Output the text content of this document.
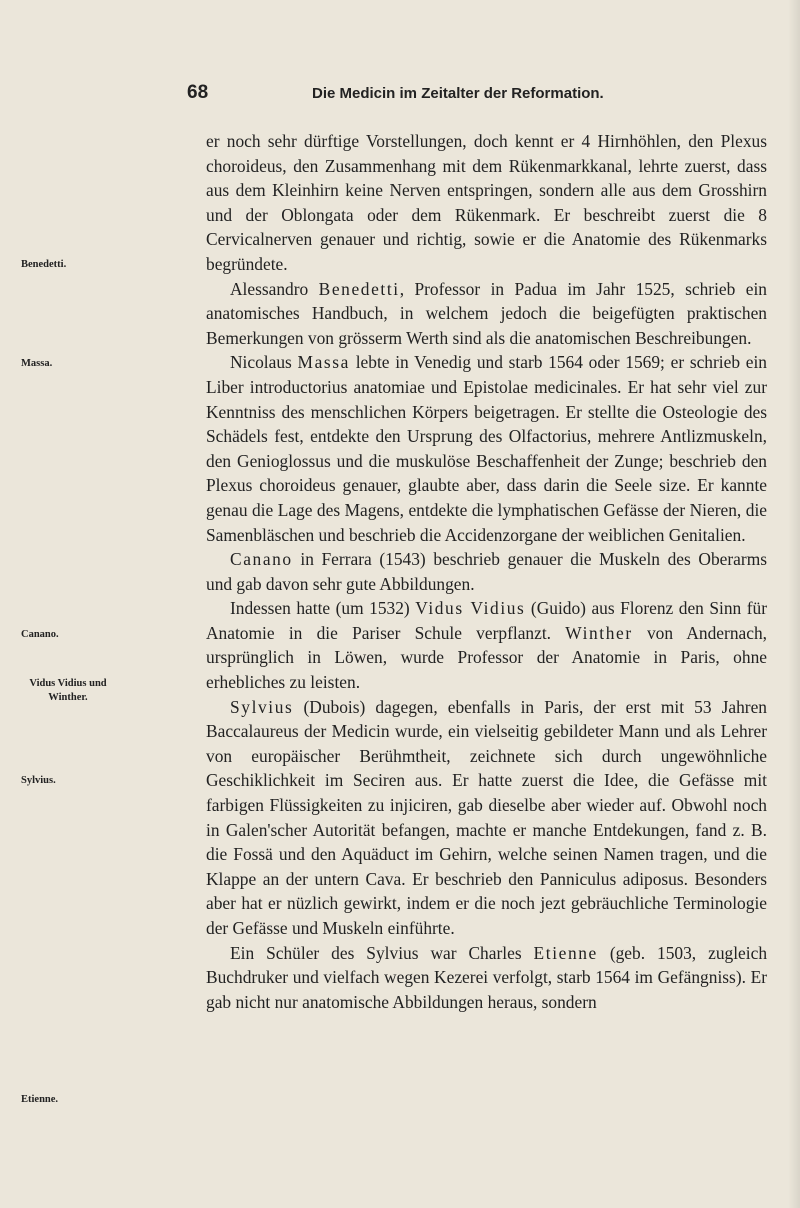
68	Die Medicin im Zeitalter der Reformation.
Benedetti.
Massa.
Canano.
Vidus Vidius und Winther.
Sylvius.
Etienne.

er noch sehr dürftige Vorstellungen, doch kennt er 4 Hirnhöhlen, den Plexus choroideus, den Zusammenhang mit dem Rükenmarkkanal, lehrte zuerst, dass aus dem Kleinhirn keine Nerven entspringen, sondern alle aus dem Grosshirn und der Oblongata oder dem Rükenmark. Er beschreibt zuerst die 8 Cervicalnerven genauer und richtig, sowie er die Anatomie des Rükenmarks begründete.

Alessandro Benedetti, Professor in Padua im Jahr 1525, schrieb ein anatomisches Handbuch, in welchem jedoch die beigefügten praktischen Bemerkungen von grösserm Werth sind als die anatomischen Beschreibungen.

Nicolaus Massa lebte in Venedig und starb 1564 oder 1569; er schrieb ein Liber introductorius anatomiae und Epistolae medicinales. Er hat sehr viel zur Kenntniss des menschlichen Körpers beigetragen. Er stellte die Osteologie des Schädels fest, entdekte den Ursprung des Olfactorius, mehrere Antlizmuskeln, den Genioglossus und die muskulöse Beschaffenheit der Zunge; beschrieb den Plexus choroideus genauer, glaubte aber, dass darin die Seele size. Er kannte genau die Lage des Magens, entdekte die lymphatischen Gefässe der Nieren, die Samenbläschen und beschrieb die Accidenzorgane der weiblichen Genitalien.

Canano in Ferrara (1543) beschrieb genauer die Muskeln des Oberarms und gab davon sehr gute Abbildungen.

Indessen hatte (um 1532) Vidus Vidius (Guido) aus Florenz den Sinn für Anatomie in die Pariser Schule verpflanzt. Winther von Andernach, ursprünglich in Löwen, wurde Professor der Anatomie in Paris, ohne erhebliches zu leisten.

Sylvius (Dubois) dagegen, ebenfalls in Paris, der erst mit 53 Jahren Baccalaureus der Medicin wurde, ein vielseitig gebildeter Mann und als Lehrer von europäischer Berühmtheit, zeichnete sich durch ungewöhnliche Geschiklichkeit im Seciren aus. Er hatte zuerst die Idee, die Gefässe mit farbigen Flüssigkeiten zu injiciren, gab dieselbe aber wieder auf. Obwohl noch in Galen'scher Autorität befangen, machte er manche Entdekungen, fand z. B. die Fossä und den Aquäduct im Gehirn, welche seinen Namen tragen, und die Klappe an der untern Cava. Er beschrieb den Panniculus adiposus. Besonders aber hat er nüzlich gewirkt, indem er die noch jezt gebräuchliche Terminologie der Gefässe und Muskeln einführte.

Ein Schüler des Sylvius war Charles Etienne (geb. 1503, zugleich Buchdruker und vielfach wegen Kezerei verfolgt, starb 1564 im Gefängniss). Er gab nicht nur anatomische Abbildungen heraus, sondern
